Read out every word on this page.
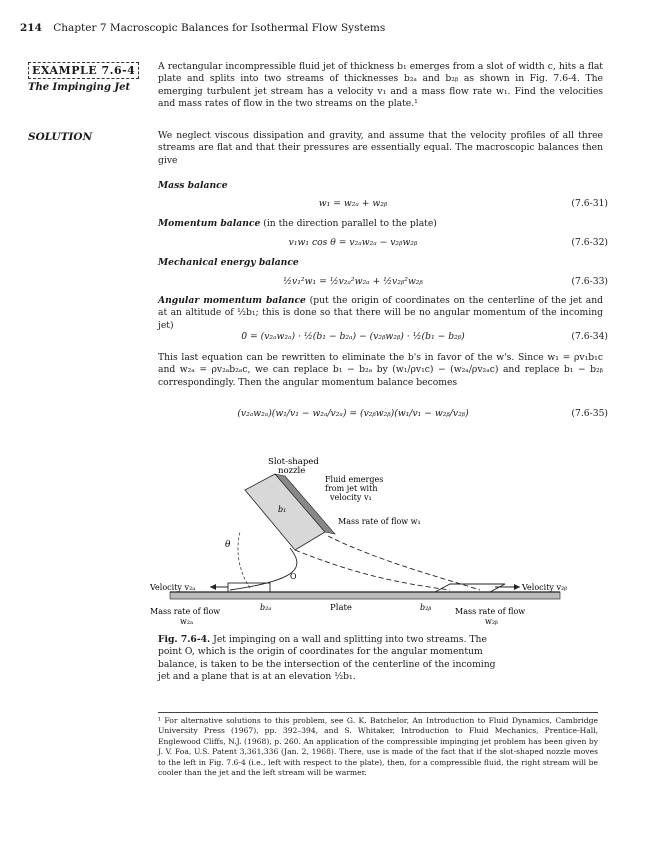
214 Chapter 7 Macroscopic Balances for Isothermal Flow Systems
EXAMPLE 7.6-4
The Impinging Jet
A rectangular incompressible fluid jet of thickness b₁ emerges from a slot of width c, hits a flat plate and splits into two streams of thicknesses b₂ₐ and b₂ᵦ as shown in Fig. 7.6-4. The emerging turbulent jet stream has a velocity v₁ and a mass flow rate w₁. Find the velocities and mass rates of flow in the two streams on the plate.¹
SOLUTION	We neglect viscous dissipation and gravity, and assume that the velocity profiles of all three streams are flat and that their pressures are essentially equal. The macroscopic balances then give
Mass balance
w₁ = w₂ₐ + w₂ᵦ	(7.6-31)
Momentum balance (in the direction parallel to the plate)
v₁w₁ cos θ = v₂ₐw₂ₐ − v₂ᵦw₂ᵦ	(7.6-32)
Mechanical energy balance
½v₁²w₁ = ½v₂ₐ²w₂ₐ + ½v₂ᵦ²w₂ᵦ	(7.6-33)
Angular momentum balance (put the origin of coordinates on the centerline of the jet and at an altitude of ½b₁; this is done so that there will be no angular momentum of the incoming jet)
0 = (v₂ₐw₂ₐ) · ½(b₁ − b₂ₐ) − (v₂ᵦw₂ᵦ) · ½(b₁ − b₂ᵦ)	(7.6-34)
This last equation can be rewritten to eliminate the b's in favor of the w's. Since w₁ = ρv₁b₁c and w₂ₐ = ρv₂ₐb₂ₐc, we can replace b₁ − b₂ₐ by (w₁/ρv₁c) − (w₂ₐ/ρv₂ₐc) and replace b₁ − b₂ᵦ correspondingly. Then the angular momentum balance becomes
(v₂ₐw₂ₐ)(w₁/v₁ − w₂ₐ/v₂ₐ) = (v₂ᵦw₂ᵦ)(w₁/v₁ − w₂ᵦ/v₂ᵦ)	(7.6-35)
Slot-shaped
nozzle
Fluid emerges
from jet with
velocity v₁
Mass rate of flow w₁
b₁
θ
O
Velocity v₂ₐ	Velocity v₂ᵦ
Mass rate of flow
w₂ₐ
b₂ₐ	Plate	b₂ᵦ	Mass rate of flow
w₂ᵦ
Fig. 7.6-4. Jet impinging on a wall and splitting into two streams. The point O, which is the origin of coordinates for the angular momentum balance, is taken to be the intersection of the centerline of the incoming jet and a plane that is at an elevation ½b₁.
¹ For alternative solutions to this problem, see G. K. Batchelor, An Introduction to Fluid Dynamics, Cambridge University Press (1967), pp. 392–394, and S. Whitaker, Introduction to Fluid Mechanics, Prentice-Hall, Englewood Cliffs, N.J. (1968), p. 260. An application of the compressible impinging jet problem has been given by J. V. Foa, U.S. Patent 3,361,336 (Jan. 2, 1968). There, use is made of the fact that if the slot-shaped nozzle moves to the left in Fig. 7.6-4 (i.e., left with respect to the plate), then, for a compressible fluid, the right stream will be cooler than the jet and the left stream will be warmer.
